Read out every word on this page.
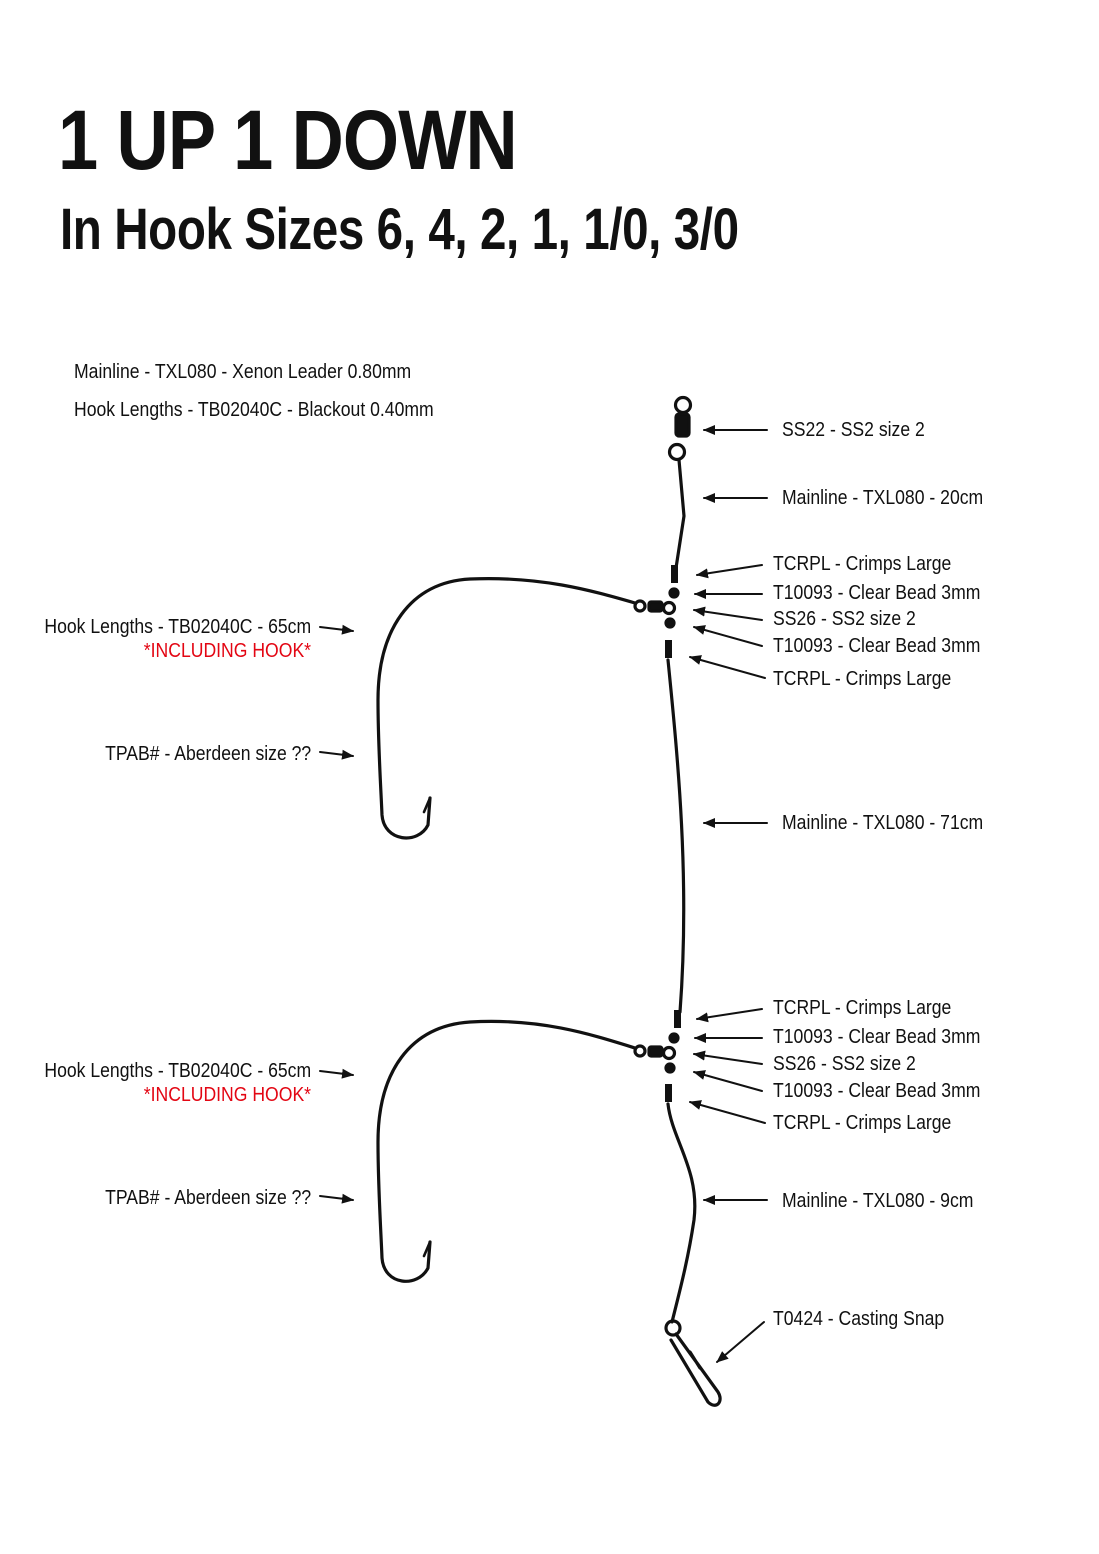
1 UP 1 DOWN
In Hook Sizes 6, 4, 2, 1, 1/0, 3/0
Mainline - TXL080 - Xenon Leader 0.80mm
Hook Lengths - TB02040C - Blackout 0.40mm
SS22 - SS2 size 2
Mainline - TXL080 - 20cm
TCRPL - Crimps Large
T10093 - Clear Bead 3mm
SS26 - SS2 size 2
T10093 - Clear Bead 3mm
TCRPL - Crimps Large
Mainline - TXL080 - 71cm
TCRPL - Crimps Large
T10093 - Clear Bead 3mm
SS26 - SS2 size 2
T10093 - Clear Bead 3mm
TCRPL - Crimps Large
Mainline - TXL080 - 9cm
T0424 - Casting Snap
Hook Lengths - TB02040C - 65cm
*INCLUDING HOOK*
TPAB# - Aberdeen size ??
Hook Lengths - TB02040C - 65cm
*INCLUDING HOOK*
TPAB# - Aberdeen size ??
